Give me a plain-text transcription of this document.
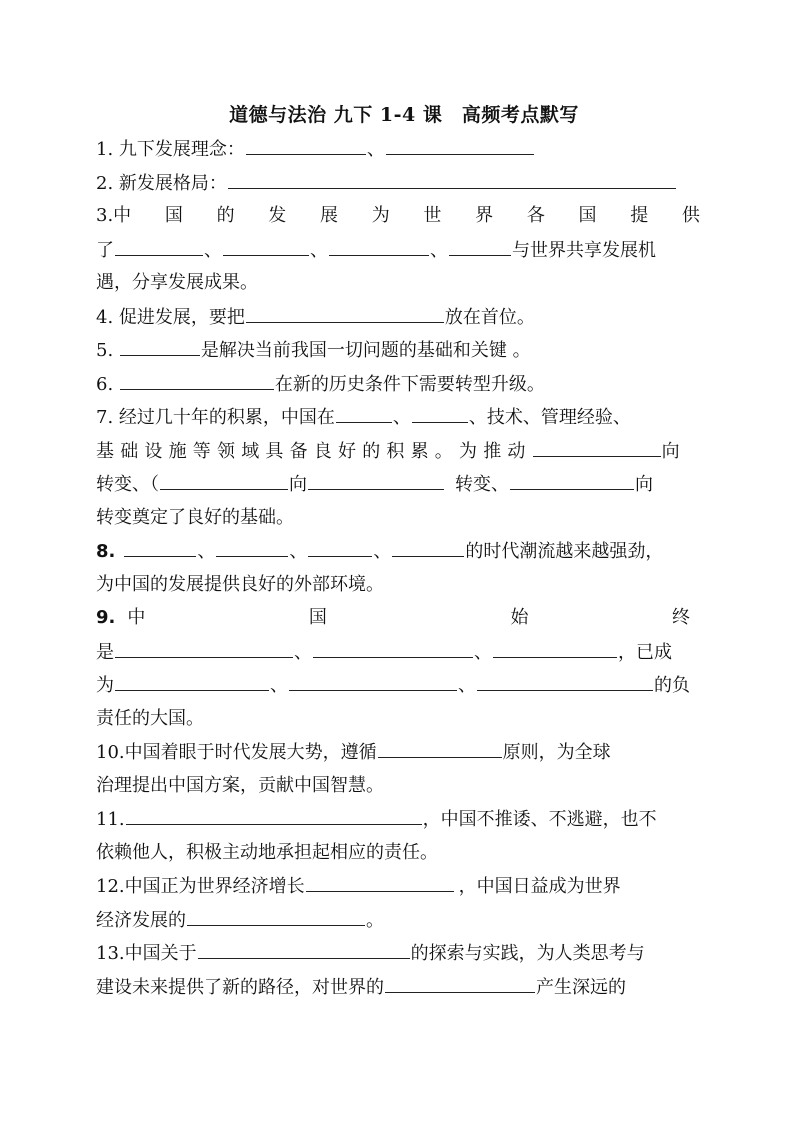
道德与法治 九下 1-4 课　高频考点默写
1. 九下发展理念：	、
2. 新发展格局：
3.中 国 的 发 展 为 世 界 各 国 提 供
了	、	、	、	与世界共享发展机
遇，分享发展成果。
4. 促进发展，要把	放在首位。
5.	是解决当前我国一切问题的基础和关键 。
6.	在新的历史条件下需要转型升级。
7. 经过几十年的积累，中国在	、	、技术、管理经验、
基础设施等领域具备良好的积累。为推动	向
转变、（	向	转变、	向
转变奠定了良好的基础。
8.	、	、	、	的时代潮流越来越强劲，
为中国的发展提供良好的外部环境。
9. 中	国	始	终
是	、	、	，已成
为	、	、	的负
责任的大国。
10.中国着眼于时代发展大势，遵循	原则，为全球
治理提出中国方案，贡献中国智慧。
11.	，中国不推诿、不逃避，也不
依赖他人，积极主动地承担起相应的责任。
12.中国正为世界经济增长	，中国日益成为世界
经济发展的	。
13.中国关于	的探索与实践，为人类思考与
建设未来提供了新的路径，对世界的	产生深远的
